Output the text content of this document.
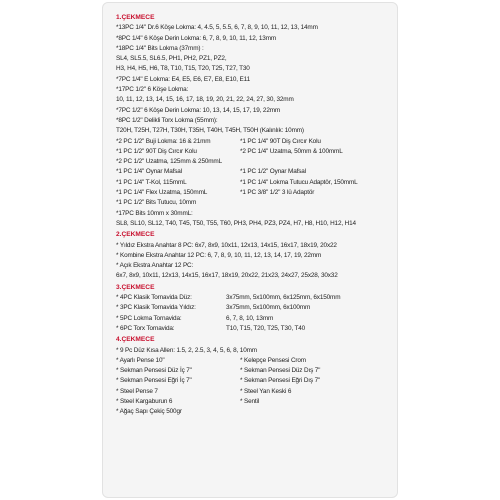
1.ÇEKMECE
*13PC 1/4" Dr.6 Köşe Lokma: 4, 4.5, 5, 5.5, 6, 7, 8, 9, 10, 11, 12, 13, 14mm
*8PC 1/4" 6 Köşe Derin Lokma: 6, 7, 8, 9, 10, 11, 12, 13mm
*18PC 1/4" Bits Lokma (37mm) :
SL4, SL5.5, SL6.5, PH1, PH2, PZ1, PZ2,
H3, H4, H5, H6, T8, T10, T15, T20, T25, T27, T30
*7PC 1/4" E Lokma: E4, E5, E6, E7, E8, E10, E11
*17PC 1/2" 6 Köşe Lokma:
10, 11, 12, 13, 14, 15, 16, 17, 18, 19, 20, 21, 22, 24, 27, 30, 32mm
*7PC 1/2" 6 Köşe Derin Lokma: 10, 13, 14, 15, 17, 19, 22mm
*8PC 1/2" Delikli Torx Lokma (55mm):
T20H, T25H, T27H, T30H, T35H, T40H, T45H, T50H (Kalınlık: 10mm)
*2 PC 1/2" Buji Lokma: 16 & 21mm	*1 PC 1/4" 90T Diş Cırcır Kolu
*1 PC 1/2" 90T Diş Cırcır Kolu	*2 PC 1/4" Uzatma, 50mm & 100mmL
*2 PC 1/2" Uzatma, 125mm & 250mmL
*1 PC 1/4" Oynar Mafsal	*1 PC 1/2" Oynar Mafsal
*1 PC 1/4" T-Kol, 115mmL	*1 PC 1/4" Lokma Tutucu Adaptör, 150mmL
*1 PC 1/4" Flex Uzatma, 150mmL	*1 PC 3/8" 1/2" 3 lü Adaptör
*1 PC 1/2" Bits Tutucu, 10mm
*17PC Bits 10mm x 30mmL:
SL8, SL10, SL12, T40, T45, T50, T55, T60, PH3, PH4, PZ3, PZ4, H7, H8, H10, H12, H14
2.ÇEKMECE
* Yıldız Ekstra Anahtar 8 PC: 6x7, 8x9, 10x11, 12x13, 14x15, 16x17, 18x19, 20x22
* Kombine Ekstra Anahtar 12 PC: 6, 7, 8, 9, 10, 11, 12, 13, 14, 17, 19, 22mm
* Açık Ekstra Anahtar 12 PC:
6x7, 8x9, 10x11, 12x13, 14x15, 16x17, 18x19, 20x22, 21x23, 24x27, 25x28, 30x32
3.ÇEKMECE
* 4PC Klasik Tornavida Düz:	3x75mm, 5x100mm, 6x125mm, 6x150mm
* 3PC Klasik Tornavida Yıldız:	3x75mm, 5x100mm, 6x100mm
* 5PC Lokma Tornavida:	6, 7, 8, 10, 13mm
* 6PC Torx Tornavida:	T10, T15, T20, T25, T30, T40
4.ÇEKMECE
* 9 Pc Düz Kısa Allen: 1.5, 2, 2.5, 3, 4, 5, 6, 8, 10mm
* Ayarlı Pense 10"	* Kelepçe Pensesi Crom
* Sekman Pensesi Düz İç 7"	* Sekman Pensesi Düz Dış 7"
* Sekman Pensesi Eğri İç 7"	* Sekman Pensesi Eğri Dış 7"
* Steel Pense 7	* Steel Yan Keski 6
* Steel Kargaburun 6	* Sentil
* Ağaç Sapı Çekiç 500gr
